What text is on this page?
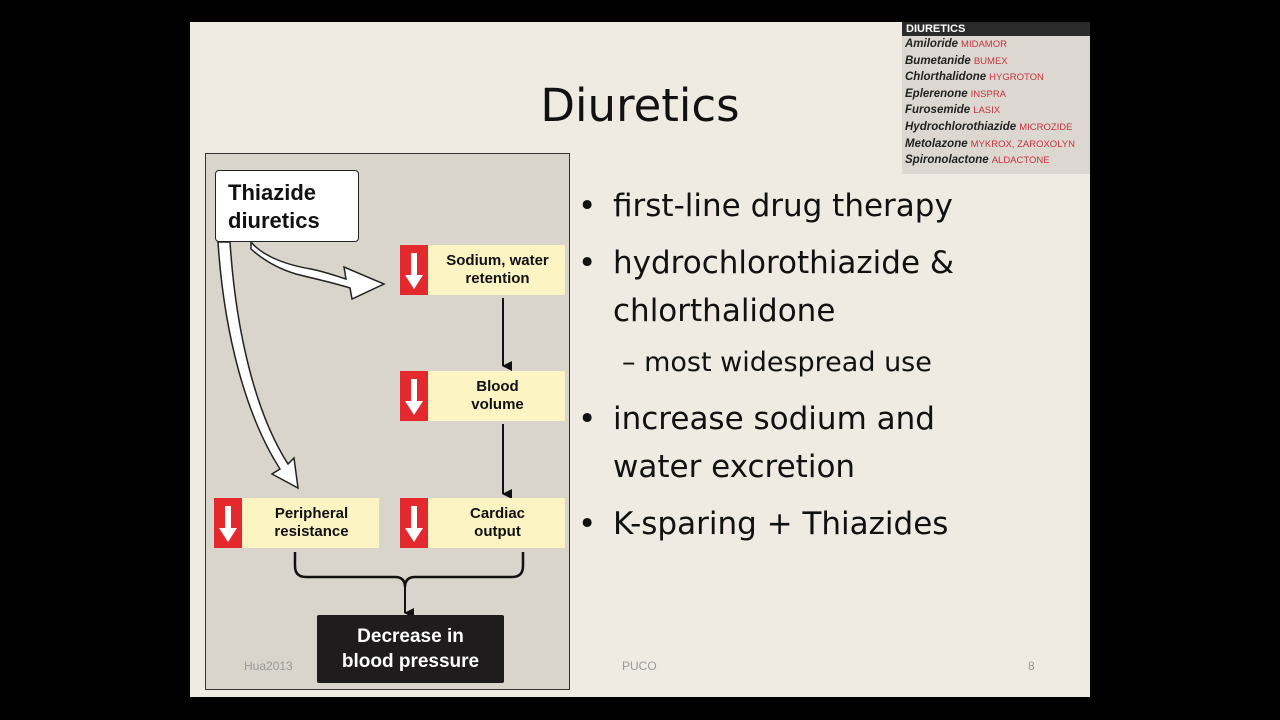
DIURETICS
Amiloride MIDAMOR
Bumetanide BUMEX
Chlorthalidone HYGROTON
Eplerenone INSPRA
Furosemide LASIX
Hydrochlorothiazide MICROZIDE
Metolazone MYKROX, ZAROXOLYN
Spironolactone ALDACTONE
Diuretics
Thiazide
diuretics
Sodium, water
retention
Blood
volume
Cardiac
output
Peripheral
resistance
Decrease in
blood pressure
• first-line drug therapy
• hydrochlorothiazide &
chlorthalidone
– most widespread use
• increase sodium and
water excretion
• K-sparing + Thiazides
Hua2013	PUCO	8
